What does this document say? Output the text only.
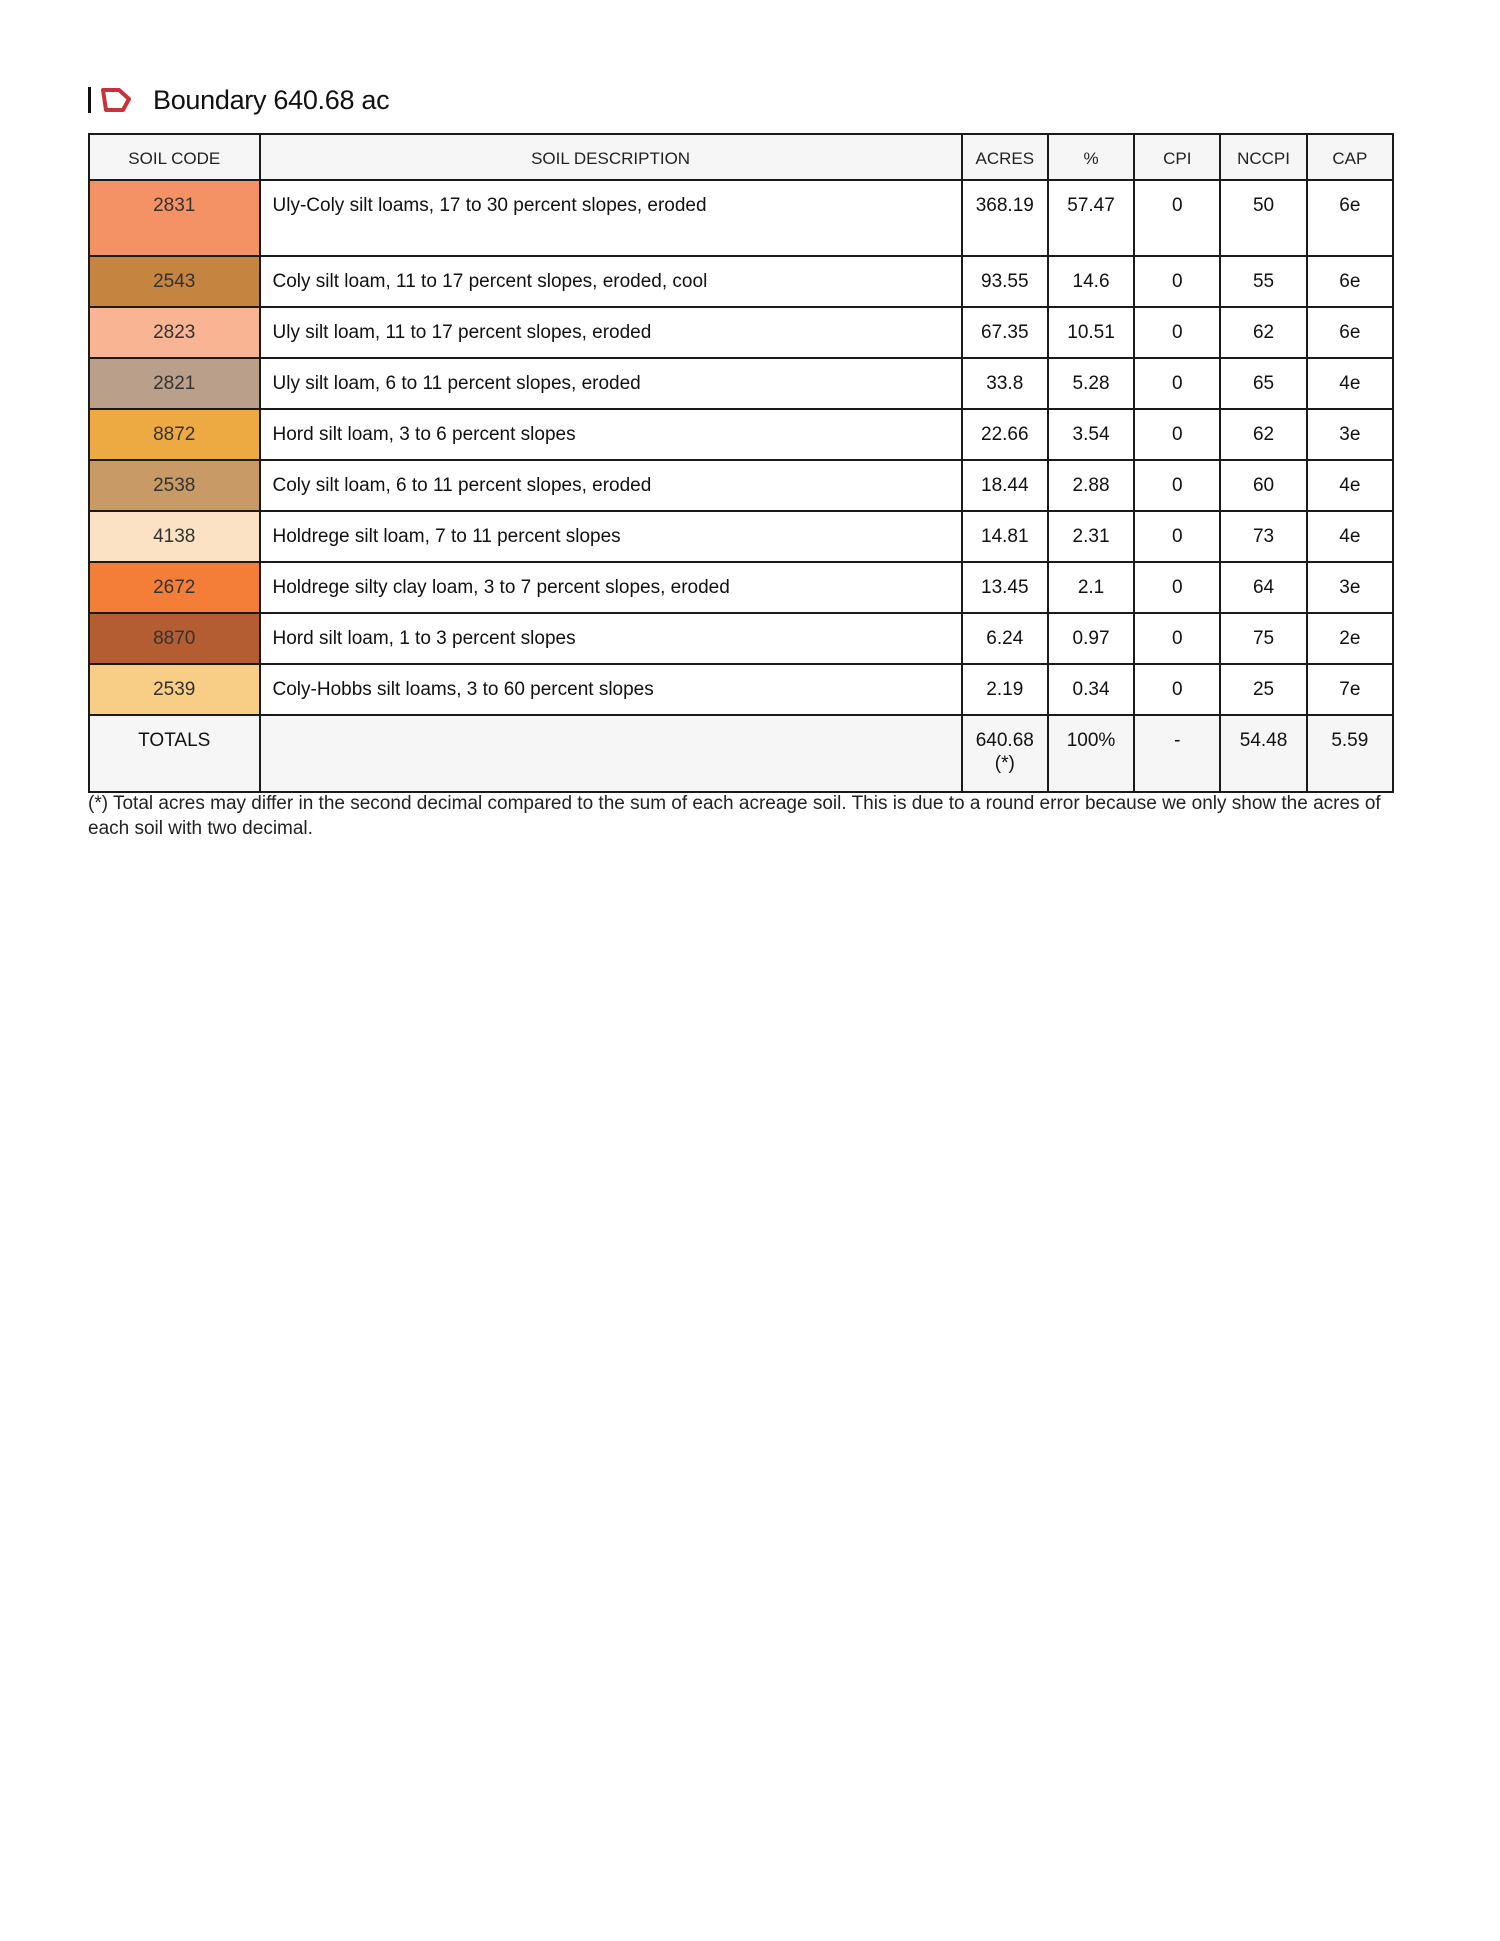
Boundary 640.68 ac
SOIL CODE	SOIL DESCRIPTION	ACRES	%	CPI	NCCPI	CAP
2831	Uly-Coly silt loams, 17 to 30 percent slopes, eroded	368.19	57.47	0	50	6e
2543	Coly silt loam, 11 to 17 percent slopes, eroded, cool	93.55	14.6	0	55	6e
2823	Uly silt loam, 11 to 17 percent slopes, eroded	67.35	10.51	0	62	6e
2821	Uly silt loam, 6 to 11 percent slopes, eroded	33.8	5.28	0	65	4e
8872	Hord silt loam, 3 to 6 percent slopes	22.66	3.54	0	62	3e
2538	Coly silt loam, 6 to 11 percent slopes, eroded	18.44	2.88	0	60	4e
4138	Holdrege silt loam, 7 to 11 percent slopes	14.81	2.31	0	73	4e
2672	Holdrege silty clay loam, 3 to 7 percent slopes, eroded	13.45	2.1	0	64	3e
8870	Hord silt loam, 1 to 3 percent slopes	6.24	0.97	0	75	2e
2539	Coly-Hobbs silt loams, 3 to 60 percent slopes	2.19	0.34	0	25	7e
TOTALS		640.68(*)	100%	-	54.48	5.59
(*) Total acres may differ in the second decimal compared to the sum of each acreage soil. This is due to a round error because we only show the acres of each soil with two decimal.
